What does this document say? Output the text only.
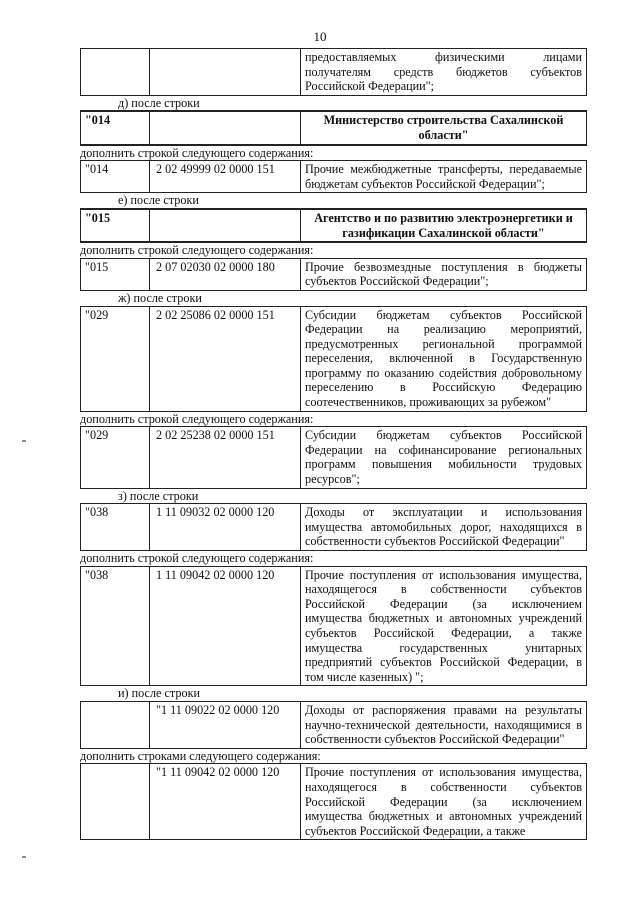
10

предоставляемых физическими лицами
получателям средств бюджетов субъектов
Российской Федерации";
д) после строки
"014		Министерство строительства Сахалинской
области"
дополнить строкой следующего содержания:
"014	2 02 49999 02 0000 151	Прочие межбюджетные трансферты, передаваемые
бюджетам субъектов Российской Федерации";
е) после строки
"015		Агентство и по развитию электроэнергетики и
газификации Сахалинской области"
дополнить строкой следующего содержания:
"015	2 07 02030 02 0000 180	Прочие безвозмездные поступления в бюджеты
субъектов Российской Федерации";
ж) после строки
"029	2 02 25086 02 0000 151	Субсидии бюджетам субъектов Российской
Федерации на реализацию мероприятий,
предусмотренных региональной программой
переселения, включенной в Государственную
программу по оказанию содействия добровольному
переселению в Российскую Федерацию
соотечественников, проживающих за рубежом"
дополнить строкой следующего содержания:
"029	2 02 25238 02 0000 151	Субсидии бюджетам субъектов Российской
Федерации на софинансирование региональных
программ повышения мобильности трудовых
ресурсов";
з) после строки
"038	1 11 09032 02 0000 120	Доходы от эксплуатации и использования
имущества автомобильных дорог, находящихся в
собственности субъектов Российской Федерации"
дополнить строкой следующего содержания:
"038	1 11 09042 02 0000 120	Прочие поступления от использования имущества,
находящегося в собственности субъектов
Российской Федерации (за исключением
имущества бюджетных и автономных учреждений
субъектов Российской Федерации, а также
имущества государственных унитарных
предприятий субъектов Российской Федерации, в
том числе казенных) ";
и) после строки
	"1 11 09022 02 0000 120	Доходы от распоряжения правами на результаты
научно-технической деятельности, находящимися в
собственности субъектов Российской Федерации"
дополнить строками следующего содержания:
	"1 11 09042 02 0000 120	Прочие поступления от использования имущества,
находящегося в собственности субъектов
Российской Федерации (за исключением
имущества бюджетных и автономных учреждений
субъектов Российской Федерации, а также
